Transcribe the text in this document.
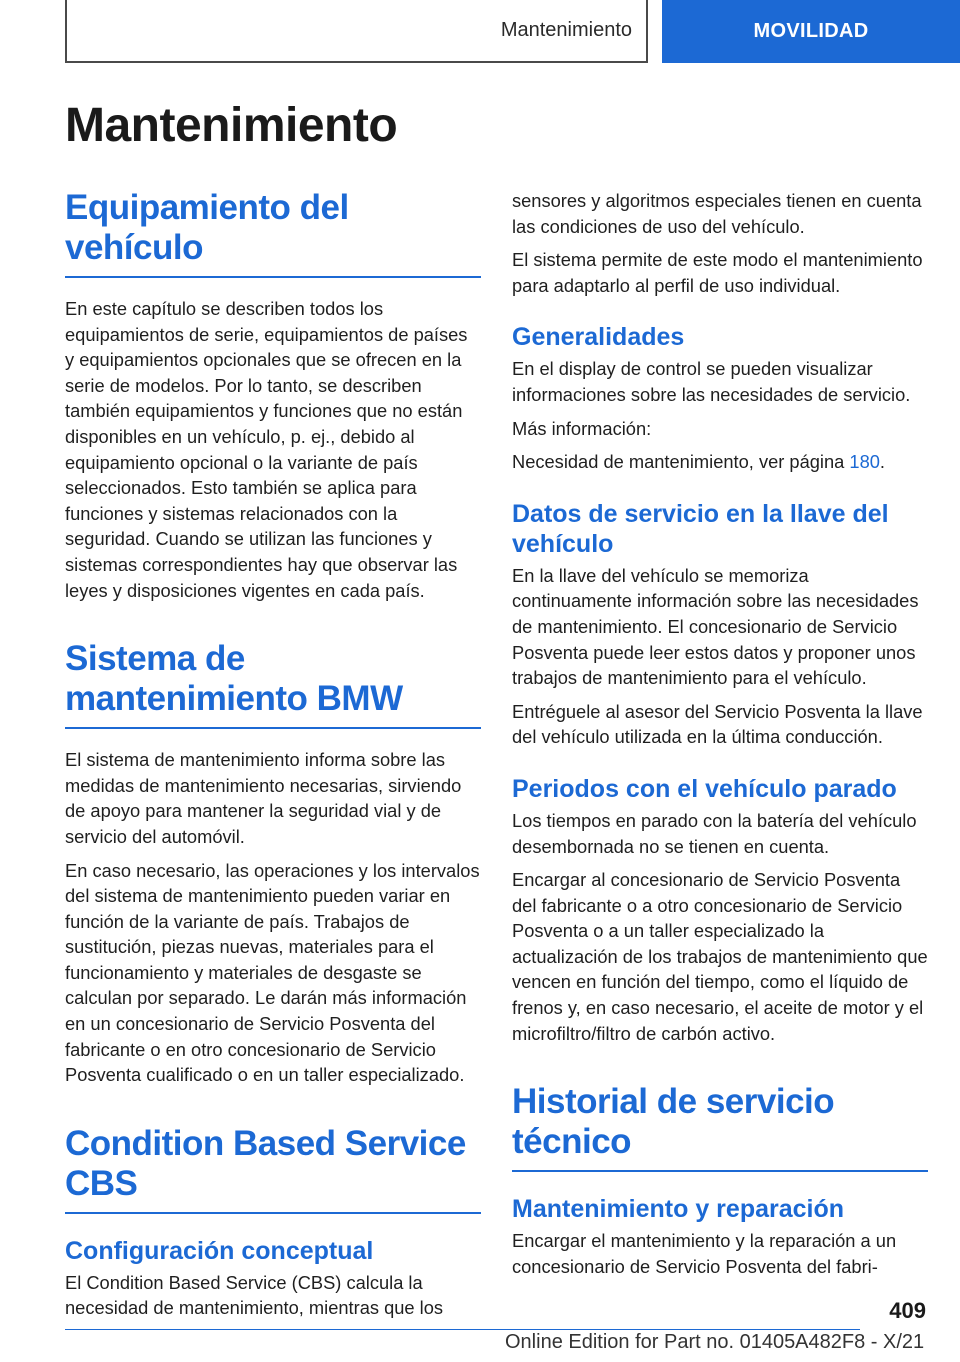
Mantenimiento	MOVILIDAD
Mantenimiento
Equipamiento del vehículo

En este capítulo se describen todos los equipamientos de serie, equipamientos de países y equipamientos opcionales que se ofrecen en la serie de modelos. Por lo tanto, se describen también equipamientos y funciones que no están disponibles en un vehículo, p. ej., debido al equipamiento opcional o la variante de país seleccionados. Esto también se aplica para funciones y sistemas relacionados con la seguridad. Cuando se utilizan las funciones y sistemas correspondientes hay que observar las leyes y disposiciones vigentes en cada país.

Sistema de mantenimiento BMW

El sistema de mantenimiento informa sobre las medidas de mantenimiento necesarias, sirviendo de apoyo para mantener la seguridad vial y de servicio del automóvil.

En caso necesario, las operaciones y los intervalos del sistema de mantenimiento pueden variar en función de la variante de país. Trabajos de sustitución, piezas nuevas, materiales para el funcionamiento y materiales de desgaste se calculan por separado. Le darán más información en un concesionario de Servicio Posventa del fabricante o en otro concesionario de Servicio Posventa cualificado o en un taller especializado.

Condition Based Service CBS
Configuración conceptual

El Condition Based Service (CBS) calcula la necesidad de mantenimiento, mientras que los

sensores y algoritmos especiales tienen en cuenta las condiciones de uso del vehículo.

El sistema permite de este modo el mantenimiento para adaptarlo al perfil de uso individual.

Generalidades

En el display de control se pueden visualizar informaciones sobre las necesidades de servicio.

Más información:

Necesidad de mantenimiento, ver página 180.

Datos de servicio en la llave del vehículo

En la llave del vehículo se memoriza continuamente información sobre las necesidades de mantenimiento. El concesionario de Servicio Posventa puede leer estos datos y proponer unos trabajos de mantenimiento para el vehículo.

Entréguele al asesor del Servicio Posventa la llave del vehículo utilizada en la última conducción.

Periodos con el vehículo parado

Los tiempos en parado con la batería del vehículo desembornada no se tienen en cuenta.

Encargar al concesionario de Servicio Posventa del fabricante o a otro concesionario de Servicio Posventa o a un taller especializado la actualización de los trabajos de mantenimiento que vencen en función del tiempo, como el líquido de frenos y, en caso necesario, el aceite de motor y el microfiltro/filtro de carbón activo.

Historial de servicio técnico
Mantenimiento y reparación

Encargar el mantenimiento y la reparación a un concesionario de Servicio Posventa del fabri-

409
Online Edition for Part no. 01405A482F8 - X/21
